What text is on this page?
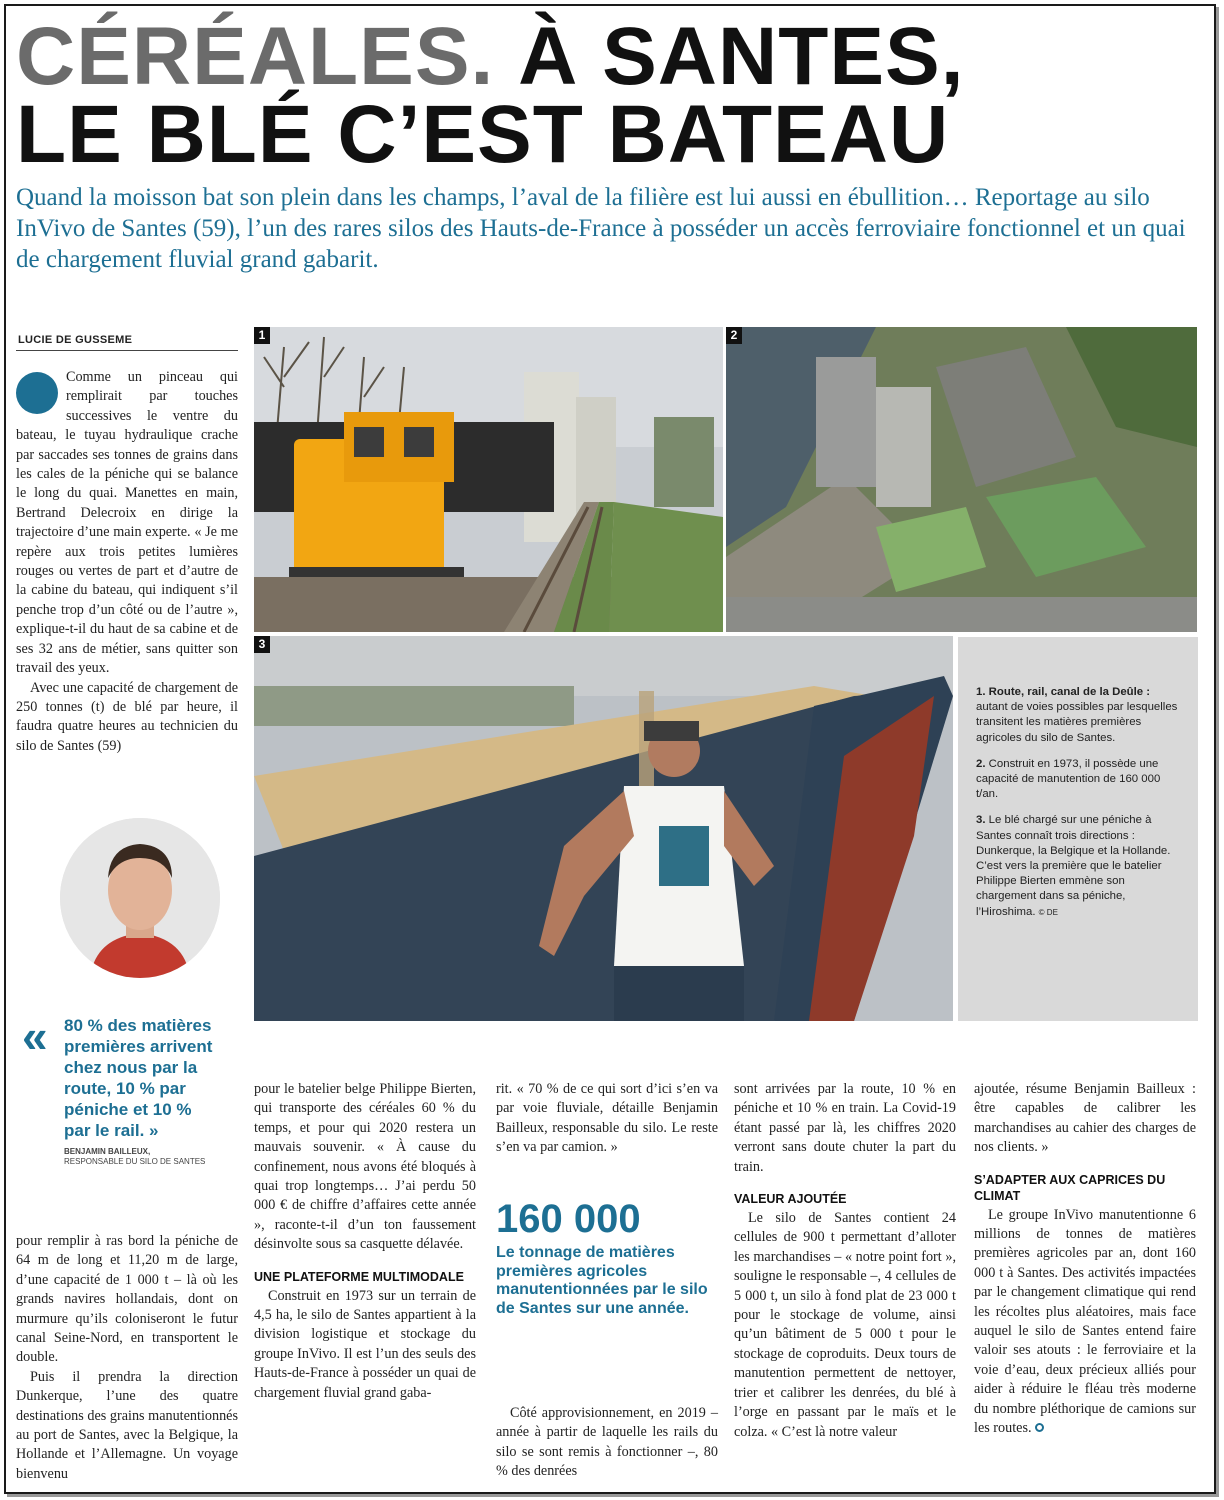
CÉRÉALES. À SANTES,
LE BLÉ C’EST BATEAU

Quand la moisson bat son plein dans les champs, l’aval de la filière est lui aussi en ébullition… Reportage au silo InVivo de Santes (59), l’un des rares silos des Hauts-de-France à posséder un accès ferroviaire fonctionnel et un quai de chargement fluvial grand gabarit.

LUCIE DE GUSSEME

Comme un pinceau qui remplirait par touches successives le ventre du bateau, le tuyau hydraulique crache par saccades ses tonnes de grains dans les cales de la péniche qui se balance le long du quai. Manettes en main, Bertrand Delecroix en dirige la trajectoire d’une main experte. « Je me repère aux trois petites lumières rouges ou vertes de part et d’autre de la cabine du bateau, qui indiquent s’il penche trop d’un côté ou de l’autre », explique-t-il du haut de sa cabine et de ses 32 ans de métier, sans quitter son travail des yeux.

Avec une capacité de chargement de 250 tonnes (t) de blé par heure, il faudra quatre heures au technicien du silo de Santes (59)

1	2
3

1. Route, rail, canal de la Deûle : autant de voies possibles par lesquelles transitent les matières premières agricoles du silo de Santes.

2. Construit en 1973, il possède une capacité de manutention de 160 000 t/an.

3. Le blé chargé sur une péniche à Santes connaît trois directions : Dunkerque, la Belgique et la Hollande. C’est vers la première que le batelier Philippe Bierten emmène son chargement dans sa péniche, l’Hiroshima. © DE

« 80 % des matières premières arrivent chez nous par la route, 10 % par péniche et 10 % par le rail. »
BENJAMIN BAILLEUX,
RESPONSABLE DU SILO DE SANTES

pour remplir à ras bord la péniche de 64 m de long et 11,20 m de large, d’une capacité de 1 000 t – là où les grands navires hollandais, dont on murmure qu’ils coloniseront le futur canal Seine-Nord, en transportent le double.

Puis il prendra la direction Dunkerque, l’une des quatre destinations des grains manutentionnés au port de Santes, avec la Belgique, la Hollande et l’Allemagne. Un voyage bienvenu

pour le batelier belge Philippe Bierten, qui transporte des céréales 60 % du temps, et pour qui 2020 restera un mauvais souvenir. « À cause du confinement, nous avons été bloqués à quai trop longtemps… J’ai perdu 50 000 € de chiffre d’affaires cette année », raconte-t-il d’un ton faussement désinvolte sous sa casquette délavée.

UNE PLATEFORME MULTIMODALE

Construit en 1973 sur un terrain de 4,5 ha, le silo de Santes appartient à la division logistique et stockage du groupe InVivo. Il est l’un des seuls des Hauts-de-France à posséder un quai de chargement fluvial grand gaba-

rit. « 70 % de ce qui sort d’ici s’en va par voie fluviale, détaille Benjamin Bailleux, responsable du silo. Le reste s’en va par camion. »

160 000
Le tonnage de matières premières agricoles manutentionnées par le silo de Santes sur une année.

Côté approvisionnement, en 2019 – année à partir de laquelle les rails du silo se sont remis à fonctionner –, 80 % des denrées

sont arrivées par la route, 10 % en péniche et 10 % en train. La Covid-19 étant passé par là, les chiffres 2020 verront sans doute chuter la part du train.

VALEUR AJOUTÉE

Le silo de Santes contient 24 cellules de 900 t permettant d’alloter les marchandises – « notre point fort », souligne le responsable –, 4 cellules de 5 000 t, un silo à fond plat de 23 000 t pour le stockage de volume, ainsi qu’un bâtiment de 5 000 t pour le stockage de coproduits. Deux tours de manutention permettent de nettoyer, trier et calibrer les denrées, du blé à l’orge en passant par le maïs et le colza. « C’est là notre valeur

ajoutée, résume Benjamin Bailleux : être capables de calibrer les marchandises au cahier des charges de nos clients. »

S’ADAPTER AUX CAPRICES DU CLIMAT

Le groupe InVivo manutentionne 6 millions de tonnes de matières premières agricoles par an, dont 160 000 t à Santes. Des activités impactées par le changement climatique qui rend les récoltes plus aléatoires, mais face auquel le silo de Santes entend faire valoir ses atouts : le ferroviaire et la voie d’eau, deux précieux alliés pour aider à réduire le fléau très moderne du nombre pléthorique de camions sur les routes.
